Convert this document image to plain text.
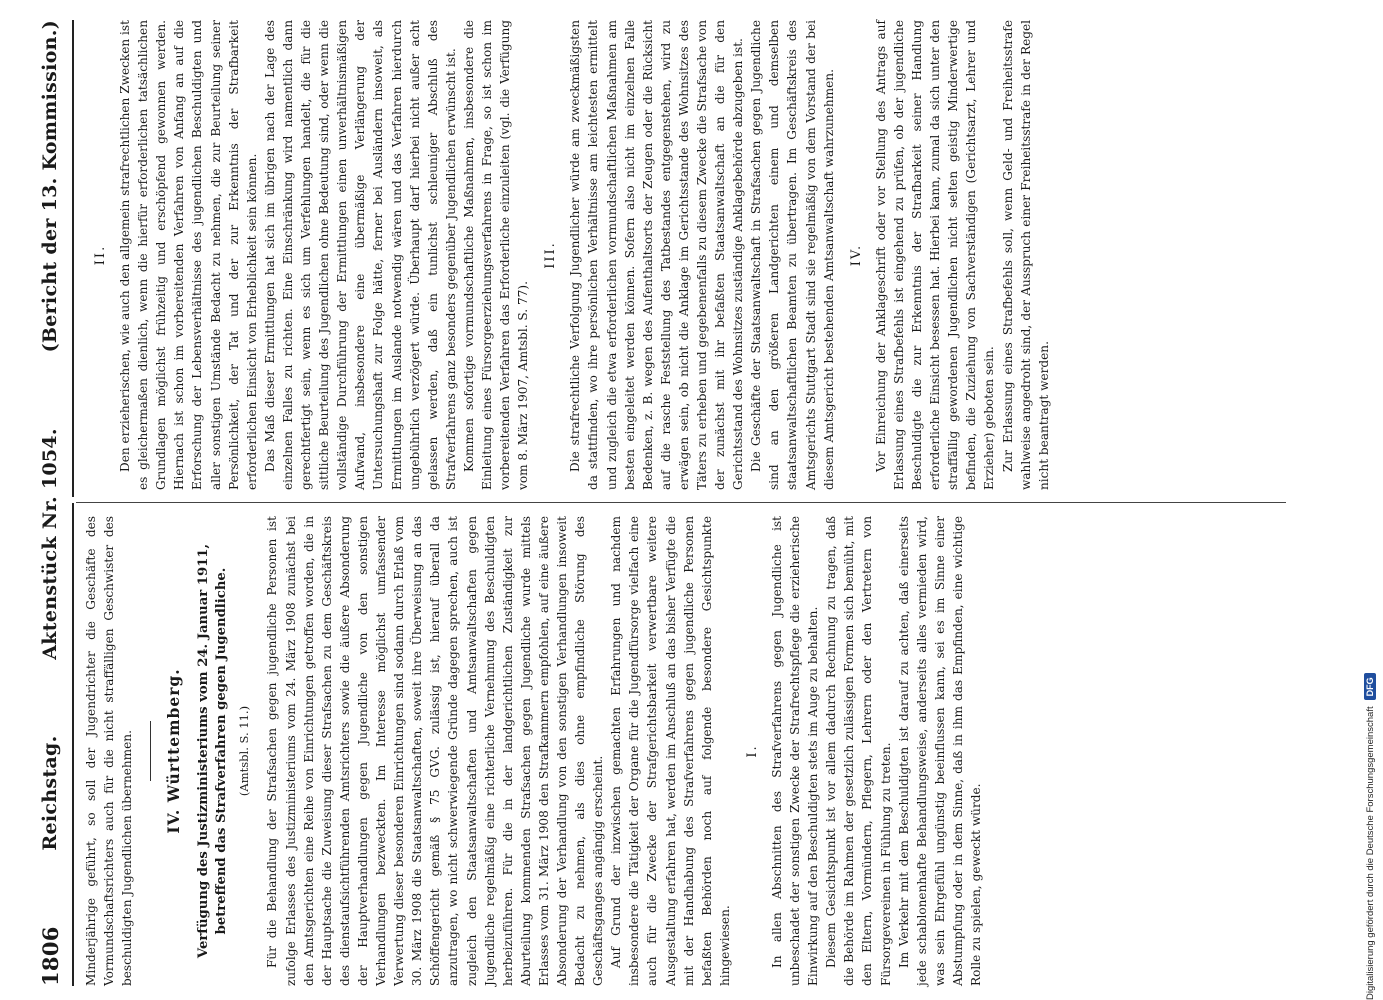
1806
Reichstag.
Aktenstück Nr. 1054.
(Bericht der 13. Kommission.)

Minderjährige geführt, so soll der Jugendrichter die Geschäfte des Vormundschaftsrichters auch für die nicht straffälligen Geschwister des beschuldigten Jugendlichen übernehmen. IV. Württemberg. Verfügung des Justizministeriums vom 24. Januar 1911, betreffend das Strafverfahren gegen Jugendliche. (Amtsbl. S. 11.) Für die Behandlung der Strafsachen gegen jugendliche Personen ist zufolge Erlasses des Justizministeriums vom 24. März 1908 zunächst bei den Amtsgerichten eine Reihe von Einrichtungen getroffen worden, die in der Hauptsache die Zuweisung dieser Strafsachen zu dem Geschäftskreis des dienstaufsichtführenden Amtsrichters sowie die äußere Absonderung der Hauptverhandlungen gegen Jugendliche von den sonstigen Verhandlungen bezweckten. Im Interesse möglichst umfassender Verwertung dieser besonderen Einrichtungen sind sodann durch Erlaß vom 30. März 1908 die Staatsanwaltschaften, soweit ihre Überweisung an das Schöffengericht gemäß § 75 GVG. zulässig ist, hierauf überall da anzutragen, wo nicht schwerwiegende Gründe dagegen sprechen, auch ist zugleich den Staatsanwaltschaften und Amtsanwaltschaften gegen Jugendliche regelmäßig eine richterliche Vernehmung des Beschuldigten herbeizuführen. Für die in der landgerichtlichen Zuständigkeit zur Aburteilung kommenden Strafsachen gegen Jugendliche wurde mittels Erlasses vom 31. März 1908 den Strafkammern empfohlen, auf eine äußere Absonderung der Verhandlung von den sonstigen Verhandlungen insoweit Bedacht zu nehmen, als dies ohne empfindliche Störung des Geschäftsganges angängig erscheint. Auf Grund der inzwischen gemachten Erfahrungen und nachdem insbesondere die Tätigkeit der Organe für die Jugendfürsorge vielfach eine auch für die Zwecke der Strafgerichtsbarkeit verwertbare weitere Ausgestaltung erfahren hat, werden im Anschluß an das bisher Verfügte die mit der Handhabung des Strafverfahrens gegen jugendliche Personen befaßten Behörden noch auf folgende besondere Gesichtspunkte hingewiesen.

I. In allen Abschnitten des Strafverfahrens gegen Jugendliche ist unbeschadet der sonstigen Zwecke der Strafrechtspflege die erzieherische Einwirkung auf den Beschuldigten stets im Auge zu behalten. Diesem Gesichtspunkt ist vor allem dadurch Rechnung zu tragen, daß die Behörde im Rahmen der gesetzlich zulässigen Formen sich bemüht, mit den Eltern, Vormündern, Pflegern, Lehrern oder den Vertretern von Fürsorgevereinen in Fühlung zu treten. Im Verkehr mit dem Beschuldigten ist darauf zu achten, daß einerseits jede schablonenhafte Behandlungsweise, anderseits alles vermieden wird, was sein Ehrgefühl ungünstig beeinflussen kann, sei es im Sinne einer Abstumpfung oder in dem Sinne, daß in ihm das Empfinden, eine wichtige Rolle zu spielen, geweckt würde.

II. Den erzieherischen, wie auch den allgemein strafrechtlichen Zwecken ist es gleichermaßen dienlich, wenn die hierfür erforderlichen tatsächlichen Grundlagen möglichst frühzeitig und erschöpfend gewonnen werden. Hiernach ist schon im vorbereitenden Verfahren von Anfang an auf die Erforschung der Lebensverhältnisse des jugendlichen Beschuldigten und aller sonstigen Umstände Bedacht zu nehmen, die zur Beurteilung seiner Persönlichkeit, der Tat und der zur Erkenntnis der Strafbarkeit erforderlichen Einsicht von Erheblichkeit sein können. Das Maß dieser Ermittlungen hat sich im übrigen nach der Lage des einzelnen Falles zu richten. Eine Einschränkung wird namentlich dann gerechtfertigt sein, wenn es sich um Verfehlungen handelt, die für die sittliche Beurteilung des Jugendlichen ohne Bedeutung sind, oder wenn die vollständige Durchführung der Ermittlungen einen unverhältnismäßigen Aufwand, insbesondere eine übermäßige Verlängerung der Untersuchungshaft zur Folge hätte, ferner bei Ausländern insoweit, als Ermittlungen im Auslande notwendig wären und das Verfahren hierdurch ungebührlich verzögert würde. Überhaupt darf hierbei nicht außer acht gelassen werden, daß ein tunlichst schleuniger Abschluß des Strafverfahrens ganz besonders gegenüber Jugendlichen erwünscht ist. Kommen sofortige vormundschaftliche Maßnahmen, insbesondere die Einleitung eines Fürsorgeerziehungsverfahrens in Frage, so ist schon im vorbereitenden Verfahren das Erforderliche einzuleiten (vgl. die Verfügung vom 8. März 1907, Amtsbl. S. 77).

III. Die strafrechtliche Verfolgung Jugendlicher würde am zweckmäßigsten da stattfinden, wo ihre persönlichen Verhältnisse am leichtesten ermittelt und zugleich die etwa erforderlichen vormundschaftlichen Maßnahmen am besten eingeleitet werden können. Sofern also nicht im einzelnen Falle Bedenken, z. B. wegen des Aufenthaltsorts der Zeugen oder die Rücksicht auf die rasche Feststellung des Tatbestandes entgegenstehen, wird zu erwägen sein, ob nicht die Anklage im Gerichtsstande des Wohnsitzes des Täters zu erheben und gegebenenfalls zu diesem Zwecke die Strafsache von der zunächst mit ihr befaßten Staatsanwaltschaft an die für den Gerichtsstand des Wohnsitzes zuständige Anklagebehörde abzugeben ist. Die Geschäfte der Staatsanwaltschaft in Strafsachen gegen Jugendliche sind an den größeren Landgerichten einem und demselben staatsanwaltschaftlichen Beamten zu übertragen. Im Geschäftskreis des Amtsgerichts Stuttgart Stadt sind sie regelmäßig von dem Vorstand der bei diesem Amtsgericht bestehenden Amtsanwaltschaft wahrzunehmen. IV. Vor Einreichung der Anklageschrift oder vor Stellung des Antrags auf Erlassung eines Strafbefehls ist eingehend zu prüfen, ob der jugendliche Beschuldigte die zur Erkenntnis der Strafbarkeit seiner Handlung erforderliche Einsicht besessen hat. Hierbei kann, zumal da sich unter den straffällig gewordenen Jugendlichen nicht selten geistig Minderwertige befinden, die Zuziehung von Sachverständigen (Gerichtsarzt, Lehrer und Erzieher) geboten sein. Zur Erlassung eines Strafbefehls soll, wenn Geld- und Freiheitsstrafe wahlweise angedroht sind, der Ausspruch einer Freiheitsstrafe in der Regel nicht beantragt werden.

Digitalisierung gefördert durch die Deutsche Forschungsgemeinschaft
DFG
